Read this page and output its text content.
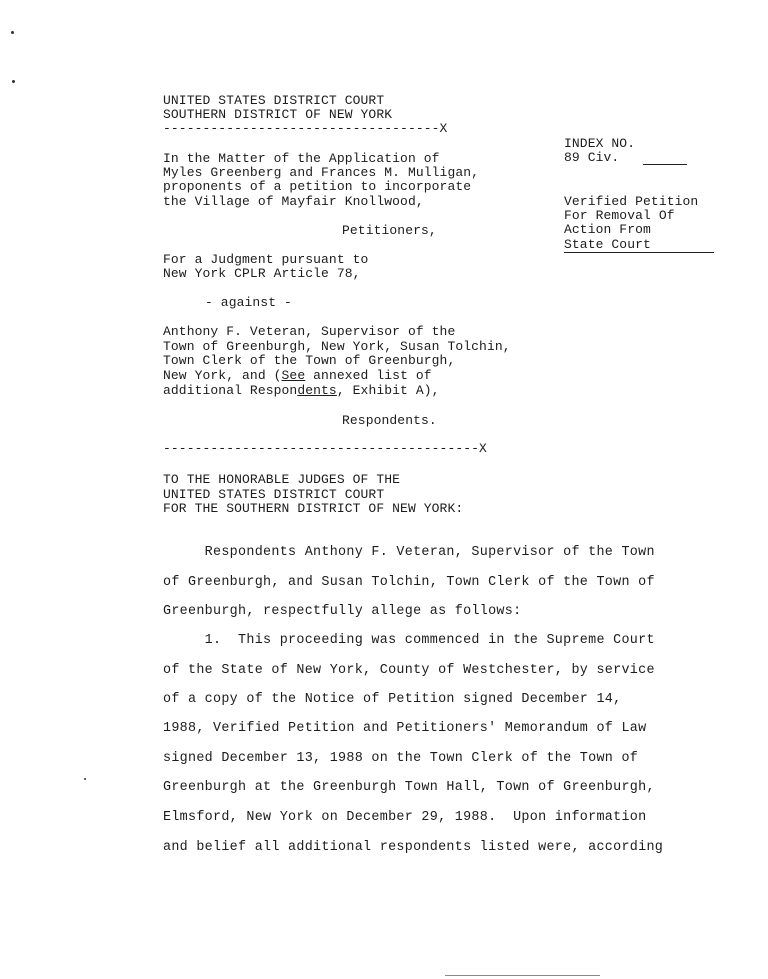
UNITED STATES DISTRICT COURT
SOUTHERN DISTRICT OF NEW YORK
-----------------------------------X
INDEX NO.
89 Civ.
In the Matter of the Application of
Myles Greenberg and Frances M. Mulligan,
proponents of a petition to incorporate
the Village of Mayfair Knollwood,	Verified Petition
For Removal Of
Action From
State Court
Petitioners,
For a Judgment pursuant to
New York CPLR Article 78,
- against -
Anthony F. Veteran, Supervisor of the
Town of Greenburgh, New York, Susan Tolchin,
Town Clerk of the Town of Greenburgh,
New York, and (See annexed list of
additional Respondents, Exhibit A),
Respondents.
----------------------------------------X
TO THE HONORABLE JUDGES OF THE
UNITED STATES DISTRICT COURT
FOR THE SOUTHERN DISTRICT OF NEW YORK:
Respondents Anthony F. Veteran, Supervisor of the Town
of Greenburgh, and Susan Tolchin, Town Clerk of the Town of
Greenburgh, respectfully allege as follows:
1.  This proceeding was commenced in the Supreme Court
of the State of New York, County of Westchester, by service
of a copy of the Notice of Petition signed December 14,
1988, Verified Petition and Petitioners' Memorandum of Law
signed December 13, 1988 on the Town Clerk of the Town of
Greenburgh at the Greenburgh Town Hall, Town of Greenburgh,
Elmsford, New York on December 29, 1988.  Upon information
and belief all additional respondents listed were, according
